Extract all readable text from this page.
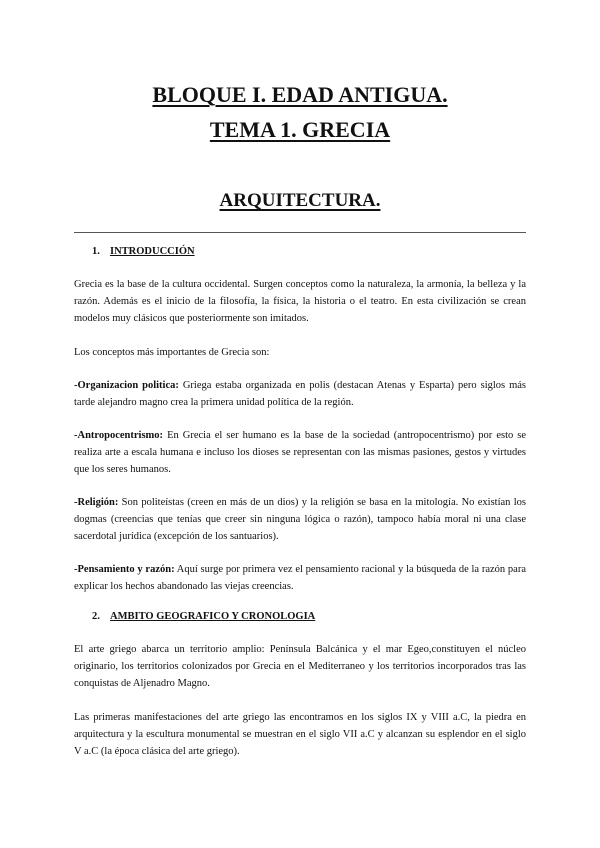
BLOQUE I. EDAD ANTIGUA.
TEMA 1. GRECIA
ARQUITECTURA.
1. INTRODUCCIÓN
Grecia es la base de la cultura occidental. Surgen conceptos como la naturaleza, la armonía, la belleza y la razón. Además es el inicio de la filosofía, la física, la historia o el teatro. En esta civilización se crean modelos muy clásicos que posteriormente son imitados.
Los conceptos más importantes de Grecia son:
-Organizacion politica: Griega estaba organizada en polis (destacan Atenas y Esparta) pero siglos más tarde alejandro magno crea la primera unidad política de la región.
-Antropocentrismo: En Grecia el ser humano es la base de la sociedad (antropocentrismo) por esto se realiza arte a escala humana e incluso los dioses se representan con las mismas pasiones, gestos y virtudes que los seres humanos.
-Religión: Son politeístas (creen en más de un dios) y la religión se basa en la mitología. No existían los dogmas (creencias que tenías que creer sin ninguna lógica o razón), tampoco había moral ni una clase sacerdotal jurídica (excepción de los santuarios).
-Pensamiento y razón: Aquí surge por primera vez el pensamiento racional y la búsqueda de la razón para explicar los hechos abandonado las viejas creencias.
2. AMBITO GEOGRAFICO Y CRONOLOGIA
El arte griego abarca un territorio amplio: Península Balcánica y el mar Egeo,constituyen el núcleo originario, los territorios colonizados por Grecia en el Mediterraneo y los territorios incorporados tras las conquistas de Aljenadro Magno.
Las primeras manifestaciones del arte griego las encontramos en los siglos IX y VIII a.C, la piedra en arquitectura y la escultura monumental se muestran en el siglo VII a.C y alcanzan su esplendor en el siglo V a.C (la época clásica del arte griego).
